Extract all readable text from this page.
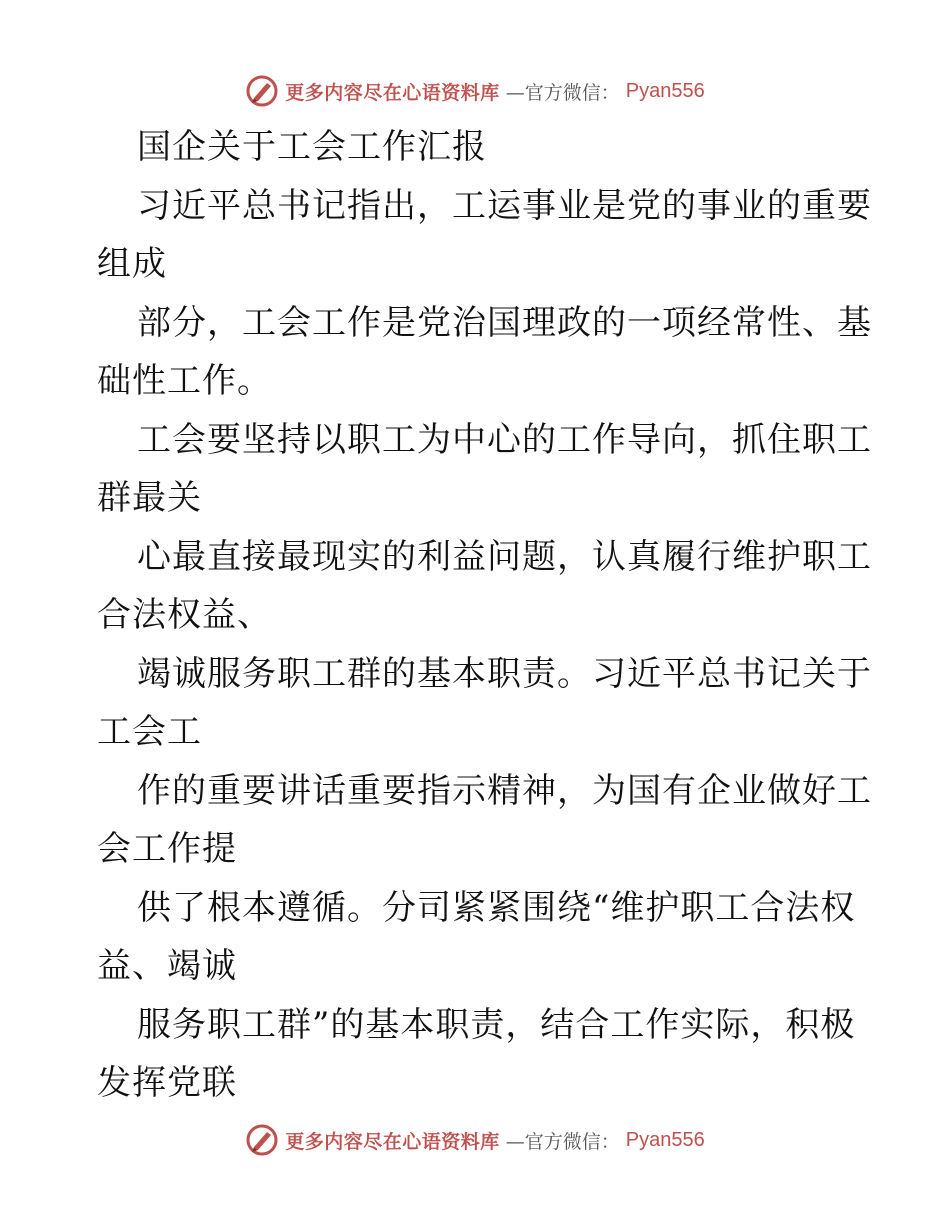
更多内容尽在心语资料库 —官方微信： Pyan556
国企关于工会工作汇报
习近平总书记指出，工运事业是党的事业的重要
组成
部分，工会工作是党治国理政的一项经常性、基
础性工作。
工会要坚持以职工为中心的工作导向，抓住职工
群最关
心最直接最现实的利益问题，认真履行维护职工
合法权益、
竭诚服务职工群的基本职责。习近平总书记关于
工会工
作的重要讲话重要指示精神，为国有企业做好工
会工作提
供了根本遵循。分司紧紧围绕“维护职工合法权
益、竭诚
服务职工群”的基本职责，结合工作实际，积极
发挥党联
更多内容尽在心语资料库 —官方微信： Pyan556
